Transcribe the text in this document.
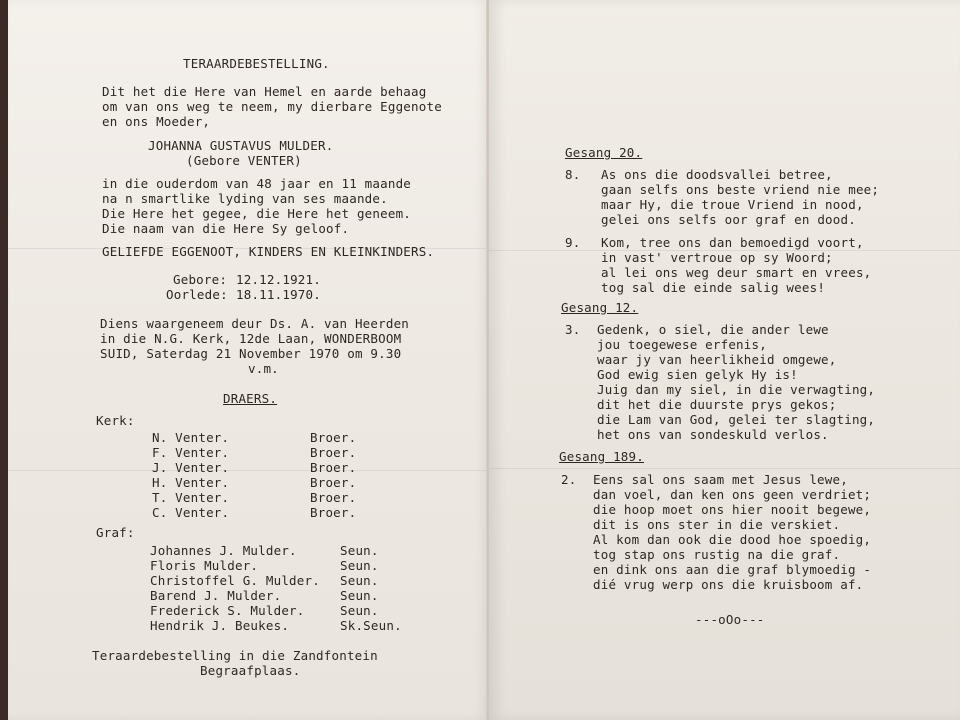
TERAARDEBESTELLING.
Dit het die Here van Hemel en aarde behaag
om van ons weg te neem, my dierbare Eggenote
en ons Moeder,
JOHANNA GUSTAVUS MULDER.
(Gebore VENTER)
in die ouderdom van 48 jaar en 11 maande
na n smartlike lyding van ses maande.
Die Here het gegee, die Here het geneem.
Die naam van die Here Sy geloof.
GELIEFDE EGGENOOT, KINDERS EN KLEINKINDERS.
Gebore: 12.12.1921.
Oorlede: 18.11.1970.
Diens waargeneem deur Ds. A. van Heerden
in die N.G. Kerk, 12de Laan, WONDERBOOM
SUID, Saterdag 21 November 1970 om 9.30
v.m.
DRAERS.
Kerk:
N. Venter.	Broer.
F. Venter.	Broer.
J. Venter.	Broer.
H. Venter.	Broer.
T. Venter.	Broer.
C. Venter.	Broer.
Graf:
Johannes J. Mulder.	Seun.
Floris Mulder.	Seun.
Christoffel G. Mulder. Seun.
Barend J. Mulder.	Seun.
Frederick S. Mulder.	Seun.
Hendrik J. Beukes.	Sk.Seun.
Teraardebestelling in die Zandfontein
Begraafplaas.
Gesang 20.
8. As ons die doodsvallei betree,
gaan selfs ons beste vriend nie mee;
maar Hy, die troue Vriend in nood,
gelei ons selfs oor graf en dood.
9. Kom, tree ons dan bemoedigd voort,
in vast' vertroue op sy Woord;
al lei ons weg deur smart en vrees,
tog sal die einde salig wees!
Gesang 12.
3. Gedenk, o siel, die ander lewe
jou toegewese erfenis,
waar jy van heerlikheid omgewe,
God ewig sien gelyk Hy is!
Juig dan my siel, in die verwagting,
dit het die duurste prys gekos;
die Lam van God, gelei ter slagting,
het ons van sondeskuld verlos.
Gesang 189.
2. Eens sal ons saam met Jesus lewe,
dan voel, dan ken ons geen verdriet;
die hoop moet ons hier nooit begewe,
dit is ons ster in die verskiet.
Al kom dan ook die dood hoe spoedig,
tog stap ons rustig na die graf.
en dink ons aan die graf blymoedig -
dié vrug werp ons die kruisboom af.
---oOo---
